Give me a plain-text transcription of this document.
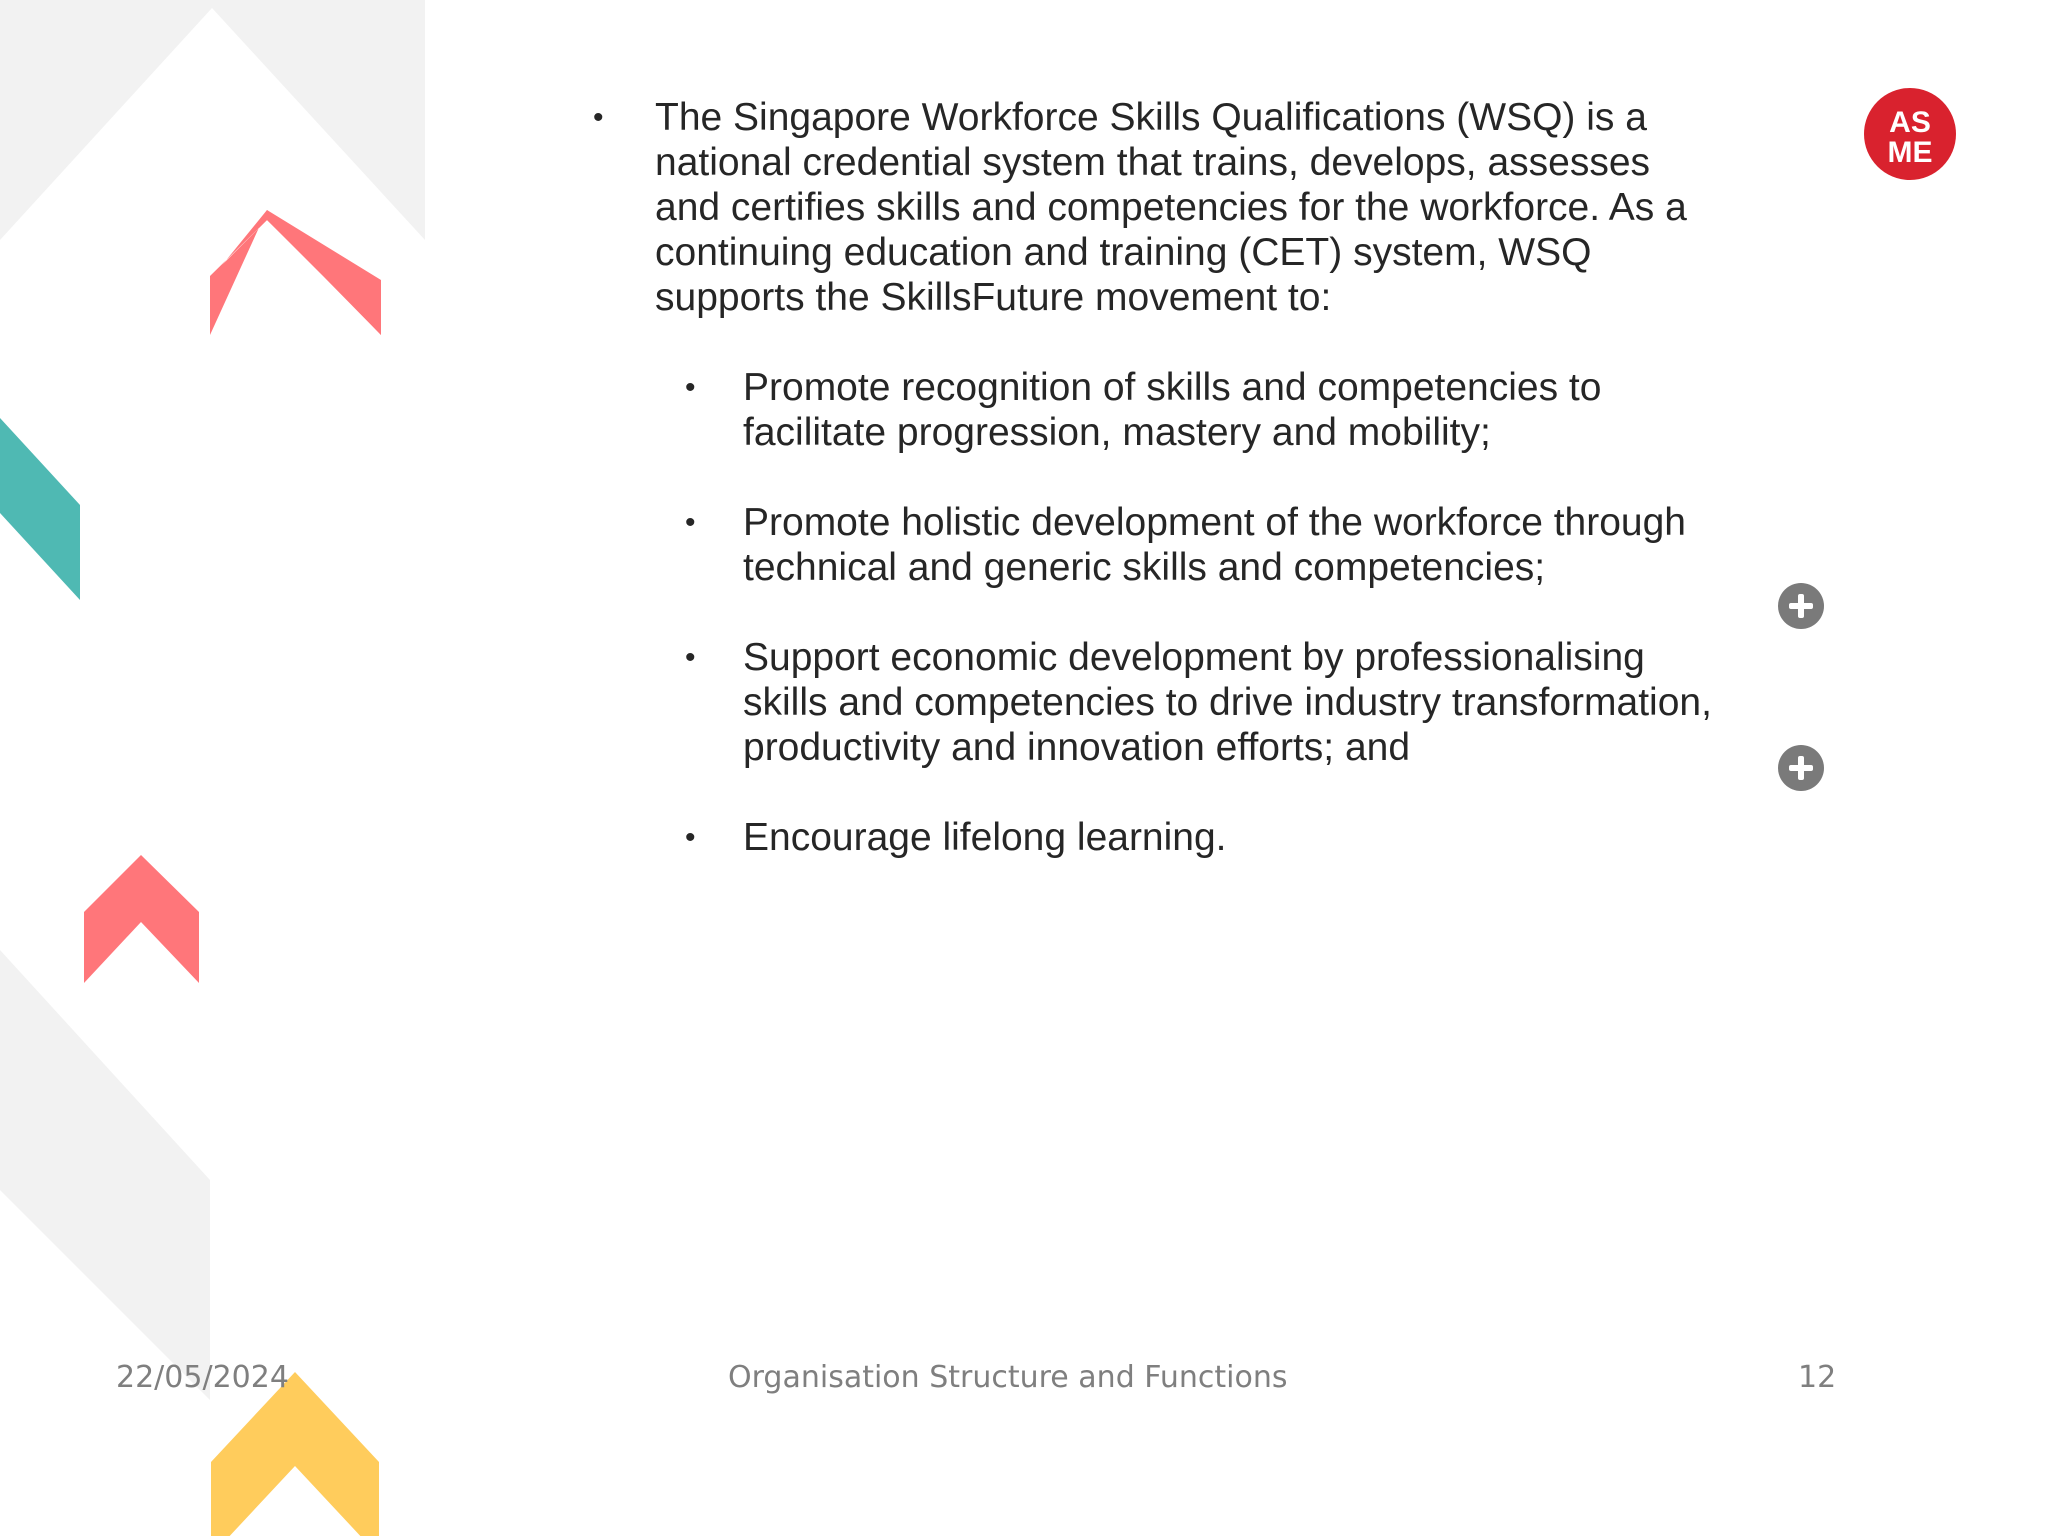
AS
ME
• The Singapore Workforce Skills Qualifications (WSQ) is a national credential system that trains, develops, assesses and certifies skills and competencies for the workforce. As a continuing education and training (CET) system, WSQ supports the SkillsFuture movement to:
• Promote recognition of skills and competencies to facilitate progression, mastery and mobility;
• Promote holistic development of the workforce through technical and generic skills and competencies;
• Support economic development by professionalising skills and competencies to drive industry transformation, productivity and innovation efforts; and
• Encourage lifelong learning.
22/05/2024	Organisation Structure and Functions	12
